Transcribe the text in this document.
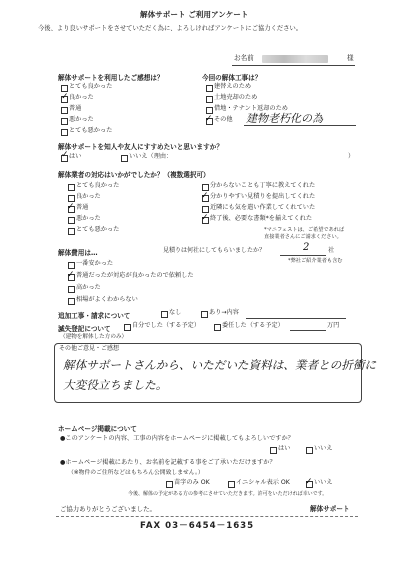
解体サポート ご利用アンケート
今後、より良いサポートをさせていただく為に、よろしければアンケートにご協力ください。
お名前	様
解体サポートを利用したご感想は？
とても良かった
✓ 良かった
普通
悪かった
とても悪かった
今回の解体工事は？
建替えのため
土地売却のため
借地・テナント返却のため
✓ その他 建物老朽化の為
解体サポートを知人や友人にすすめたいと思いますか？
✓ はい	いいえ（理由：	）
解体業者の対応はいかがでしたか？（複数選択可）
とても良かった
良かった
✓ 普通
悪かった
とても悪かった
分からないことも丁寧に教えてくれた
✓ 分かりやすい見積りを提出してくれた
近隣にも気を遣い作業してくれていた
✓ 終了後、必要な書類*を揃えてくれた
*マニフェストは、ご希望であれば
直接業者さんにご請求ください。
解体費用は…	見積りは何社にしてもらいましたか？	2	社
*弊社ご紹介業者も含む
一番安かった
✓ 普通だったが対応が良かったので依頼した
高かった
相場がよくわからない
追加工事・請求について	なし	あり→内容
滅失登記について
（建物を解体した方のみ）
自分でした（する予定）	委任した（する予定）	万円
その他ご意見・ご感想
解体サポートさんから、いただいた資料は、業者との折衝に
大変役立ちました。
ホームページ掲載について
●このアンケートの内容、工事の内容をホームページに掲載してもよろしいですか？
はい	いいえ
●ホームページ掲載にあたり、お名前を記載する事をご了承いただけますか？
（※物件のご住所などはもちろん公開致しません。）
苗字のみ OK	イニシャル表示 OK ✓ いいえ
今後、解体の予定がある方の参考にさせていただきます。許可をいただければ幸いです。
ご協力ありがとうございました。	解体サポート
FAX 03－6454－1635
